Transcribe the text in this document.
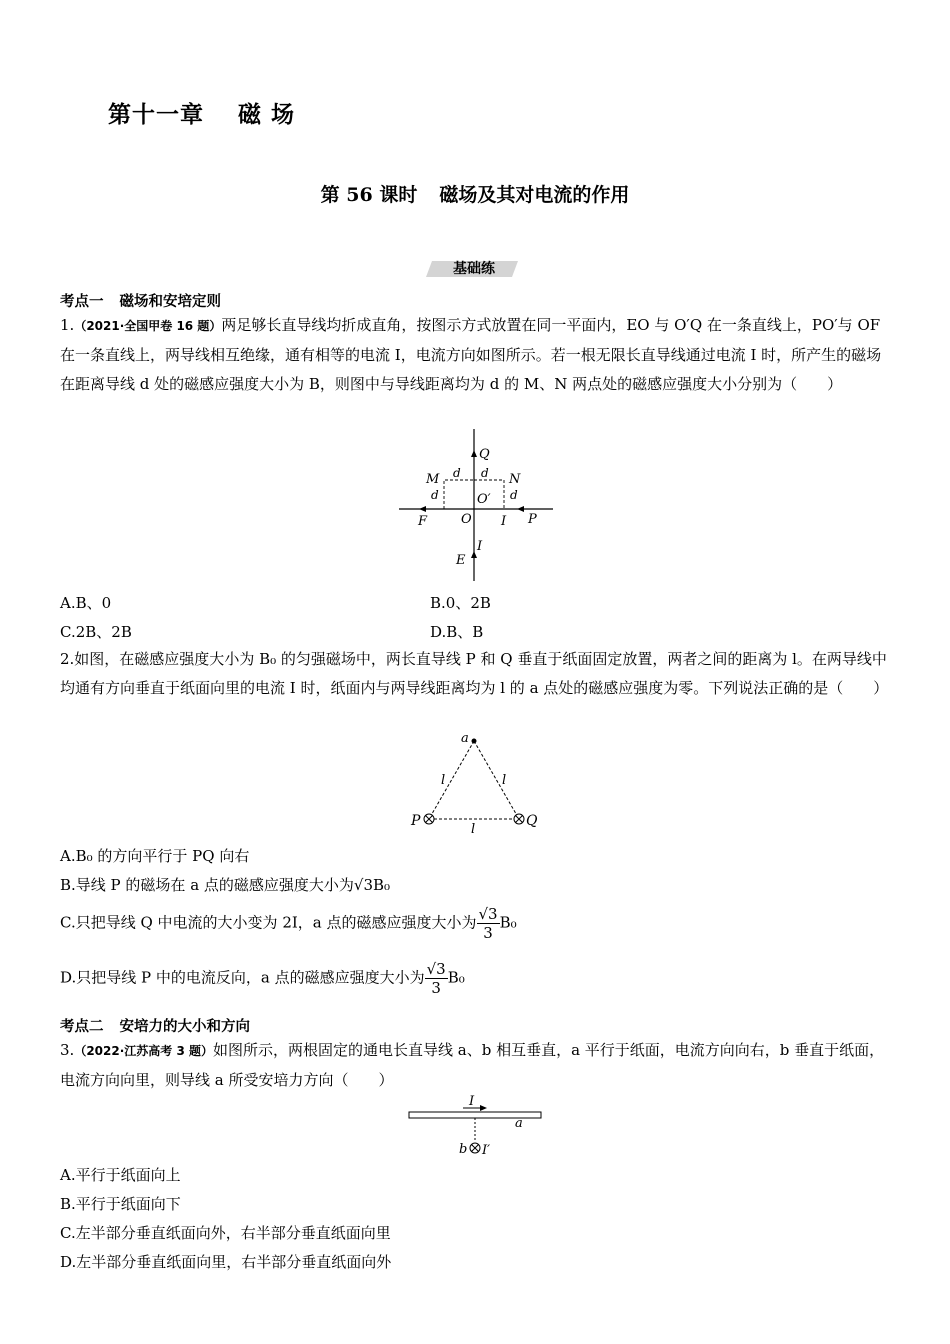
第十一章 磁 场
第 56 课时 磁场及其对电流的作用
基础练
考点一 磁场和安培定则
1.（2021·全国甲卷 16 题）两足够长直导线均折成直角，按图示方式放置在同一平面内，EO 与 O′Q 在一条直线上，PO′与 OF 在一条直线上，两导线相互绝缘，通有相等的电流 I，电流方向如图所示。若一根无限长直导线通过电流 I 时，所产生的磁场在距离导线 d 处的磁感应强度大小为 B，则图中与导线距离均为 d 的 M、N 两点处的磁感应强度大小分别为（　　）
Q
d d
M	N
d	d
O′
O
F	I P
I
E
A.B、0	B.0、2B
C.2B、2B	D.B、B
2.如图，在磁感应强度大小为 B₀ 的匀强磁场中，两长直导线 P 和 Q 垂直于纸面固定放置，两者之间的距离为 l。在两导线中均通有方向垂直于纸面向里的电流 I 时，纸面内与两导线距离均为 l 的 a 点处的磁感应强度为零。下列说法正确的是（　　）
a
l	l
l
P	Q
A.B₀ 的方向平行于 PQ 向右
B.导线 P 的磁场在 a 点的磁感应强度大小为√3B₀
C.只把导线 Q 中电流的大小变为 2I，a 点的磁感应强度大小为 $\frac{√3}{3} B_0$
D.只把导线 P 中的电流反向，a 点的磁感应强度大小为 $\frac{√3}{3} B_0$
考点二 安培力的大小和方向
3.（2022·江苏高考 3 题）如图所示，两根固定的通电长直导线 a、b 相互垂直，a 平行于纸面，电流方向向右，b 垂直于纸面，电流方向向里，则导线 a 所受安培力方向（　　）
I
a
b I′
A.平行于纸面向上
B.平行于纸面向下
C.左半部分垂直纸面向外，右半部分垂直纸面向里
D.左半部分垂直纸面向里，右半部分垂直纸面向外
